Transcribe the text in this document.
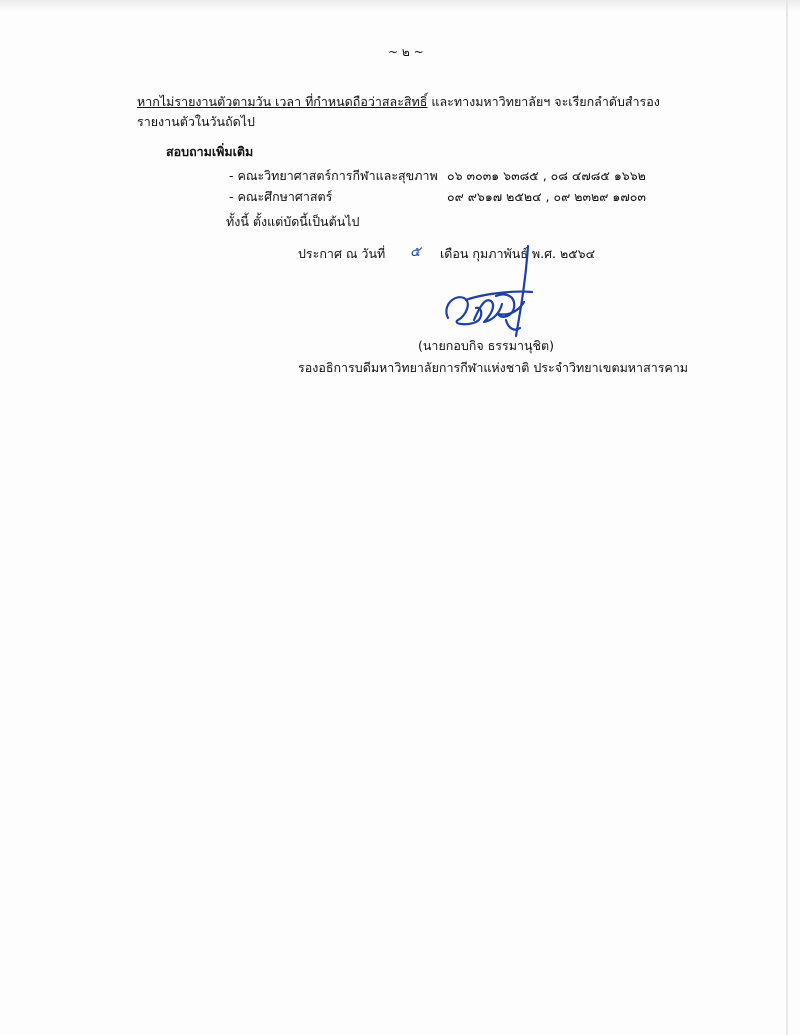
~ ๒ ~
หากไม่รายงานตัวตามวัน เวลา ที่กำหนดถือว่าสละสิทธิ์ และทางมหาวิทยาลัยฯ จะเรียกลำดับสำรอง
รายงานตัวในวันถัดไป
สอบถามเพิ่มเติม
- คณะวิทยาศาสตร์การกีฬาและสุขภาพ ๐๖ ๓๐๓๑ ๖๓๘๕ , ๐๘ ๔๗๘๕ ๑๖๖๒
- คณะศึกษาศาสตร์	๐๙ ๙๖๑๗ ๒๕๒๔ , ๐๙ ๒๓๒๙ ๑๗๐๓
ทั้งนี้ ตั้งแต่บัดนี้เป็นต้นไป
ประกาศ ณ วันที่ ๕ เดือน กุมภาพันธ์ พ.ศ. ๒๕๖๔
(นายกอบกิจ ธรรมานุชิต)
รองอธิการบดีมหาวิทยาลัยการกีฬาแห่งชาติ ประจำวิทยาเขตมหาสารคาม
